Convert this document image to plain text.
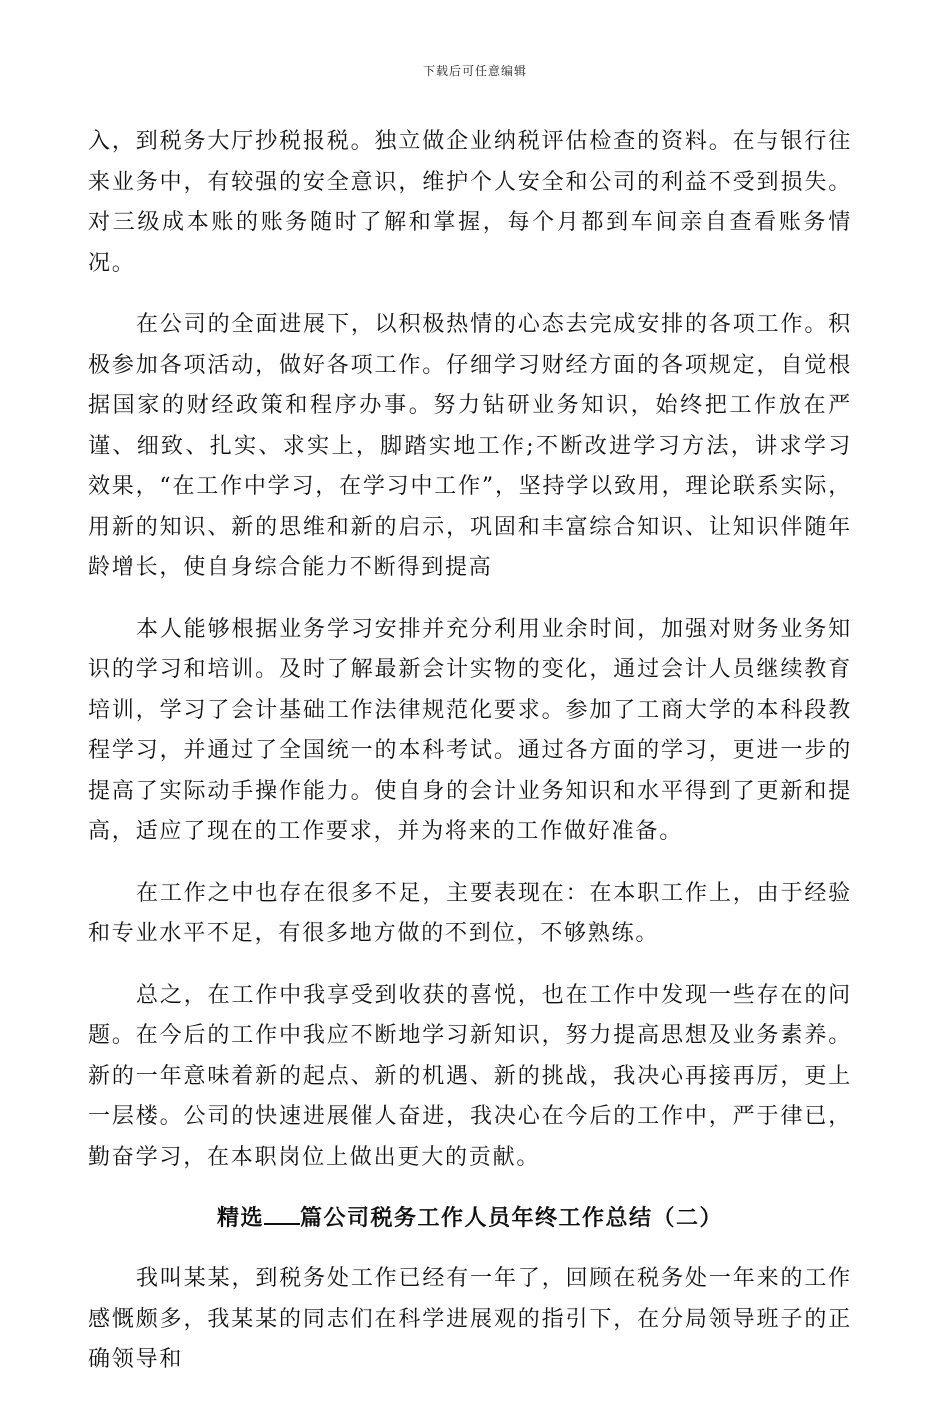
下载后可任意编辑

入，到税务大厅抄税报税。独立做企业纳税评估检查的资料。在与银行往来业务中，有较强的安全意识，维护个人安全和公司的利益不受到损失。对三级成本账的账务随时了解和掌握，每个月都到车间亲自查看账务情况。

在公司的全面进展下，以积极热情的心态去完成安排的各项工作。积极参加各项活动，做好各项工作。仔细学习财经方面的各项规定，自觉根据国家的财经政策和程序办事。努力钻研业务知识，始终把工作放在严谨、细致、扎实、求实上，脚踏实地工作;不断改进学习方法，讲求学习效果，“在工作中学习，在学习中工作”，坚持学以致用，理论联系实际，用新的知识、新的思维和新的启示，巩固和丰富综合知识、让知识伴随年龄增长，使自身综合能力不断得到提高

本人能够根据业务学习安排并充分利用业余时间，加强对财务业务知识的学习和培训。及时了解最新会计实物的变化，通过会计人员继续教育培训，学习了会计基础工作法律规范化要求。参加了工商大学的本科段教程学习，并通过了全国统一的本科考试。通过各方面的学习，更进一步的提高了实际动手操作能力。使自身的会计业务知识和水平得到了更新和提高，适应了现在的工作要求，并为将来的工作做好准备。

在工作之中也存在很多不足，主要表现在：在本职工作上，由于经验和专业水平不足，有很多地方做的不到位，不够熟练。

总之，在工作中我享受到收获的喜悦，也在工作中发现一些存在的问题。在今后的工作中我应不断地学习新知识，努力提高思想及业务素养。新的一年意味着新的起点、新的机遇、新的挑战，我决心再接再厉，更上一层楼。公司的快速进展催人奋进，我决心在今后的工作中，严于律已，勤奋学习，在本职岗位上做出更大的贡献。

精选 篇公司税务工作人员年终工作总结（二）

我叫某某，到税务处工作已经有一年了，回顾在税务处一年来的工作感慨颇多，我某某的同志们在科学进展观的指引下，在分局领导班子的正确领导和
